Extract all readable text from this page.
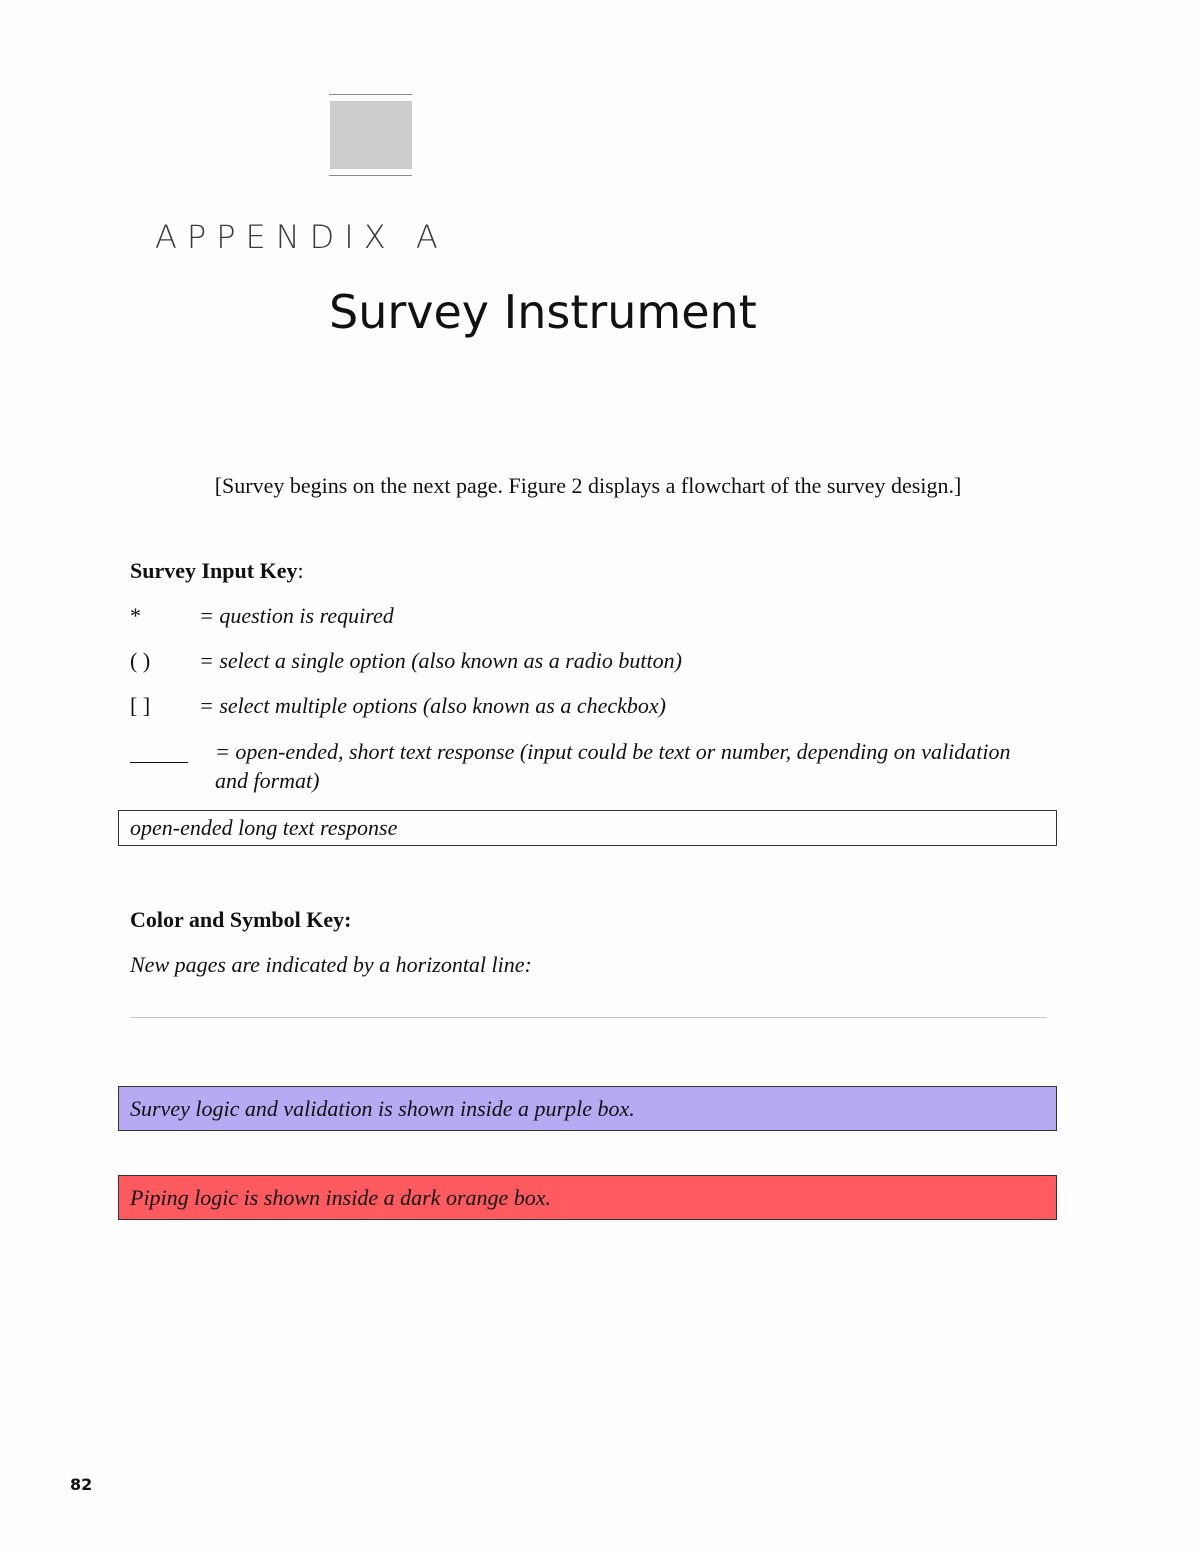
APPENDIX A
Survey Instrument
[Survey begins on the next page. Figure 2 displays a flowchart of the survey design.]
Survey Input Key:
*	= question is required
( ) = select a single option (also known as a radio button)
[ ] = select multiple options (also known as a checkbox)
= open-ended, short text response (input could be text or number, depending on validation and format)
open-ended long text response
Color and Symbol Key:
New pages are indicated by a horizontal line:
Survey logic and validation is shown inside a purple box.
Piping logic is shown inside a dark orange box.
82
